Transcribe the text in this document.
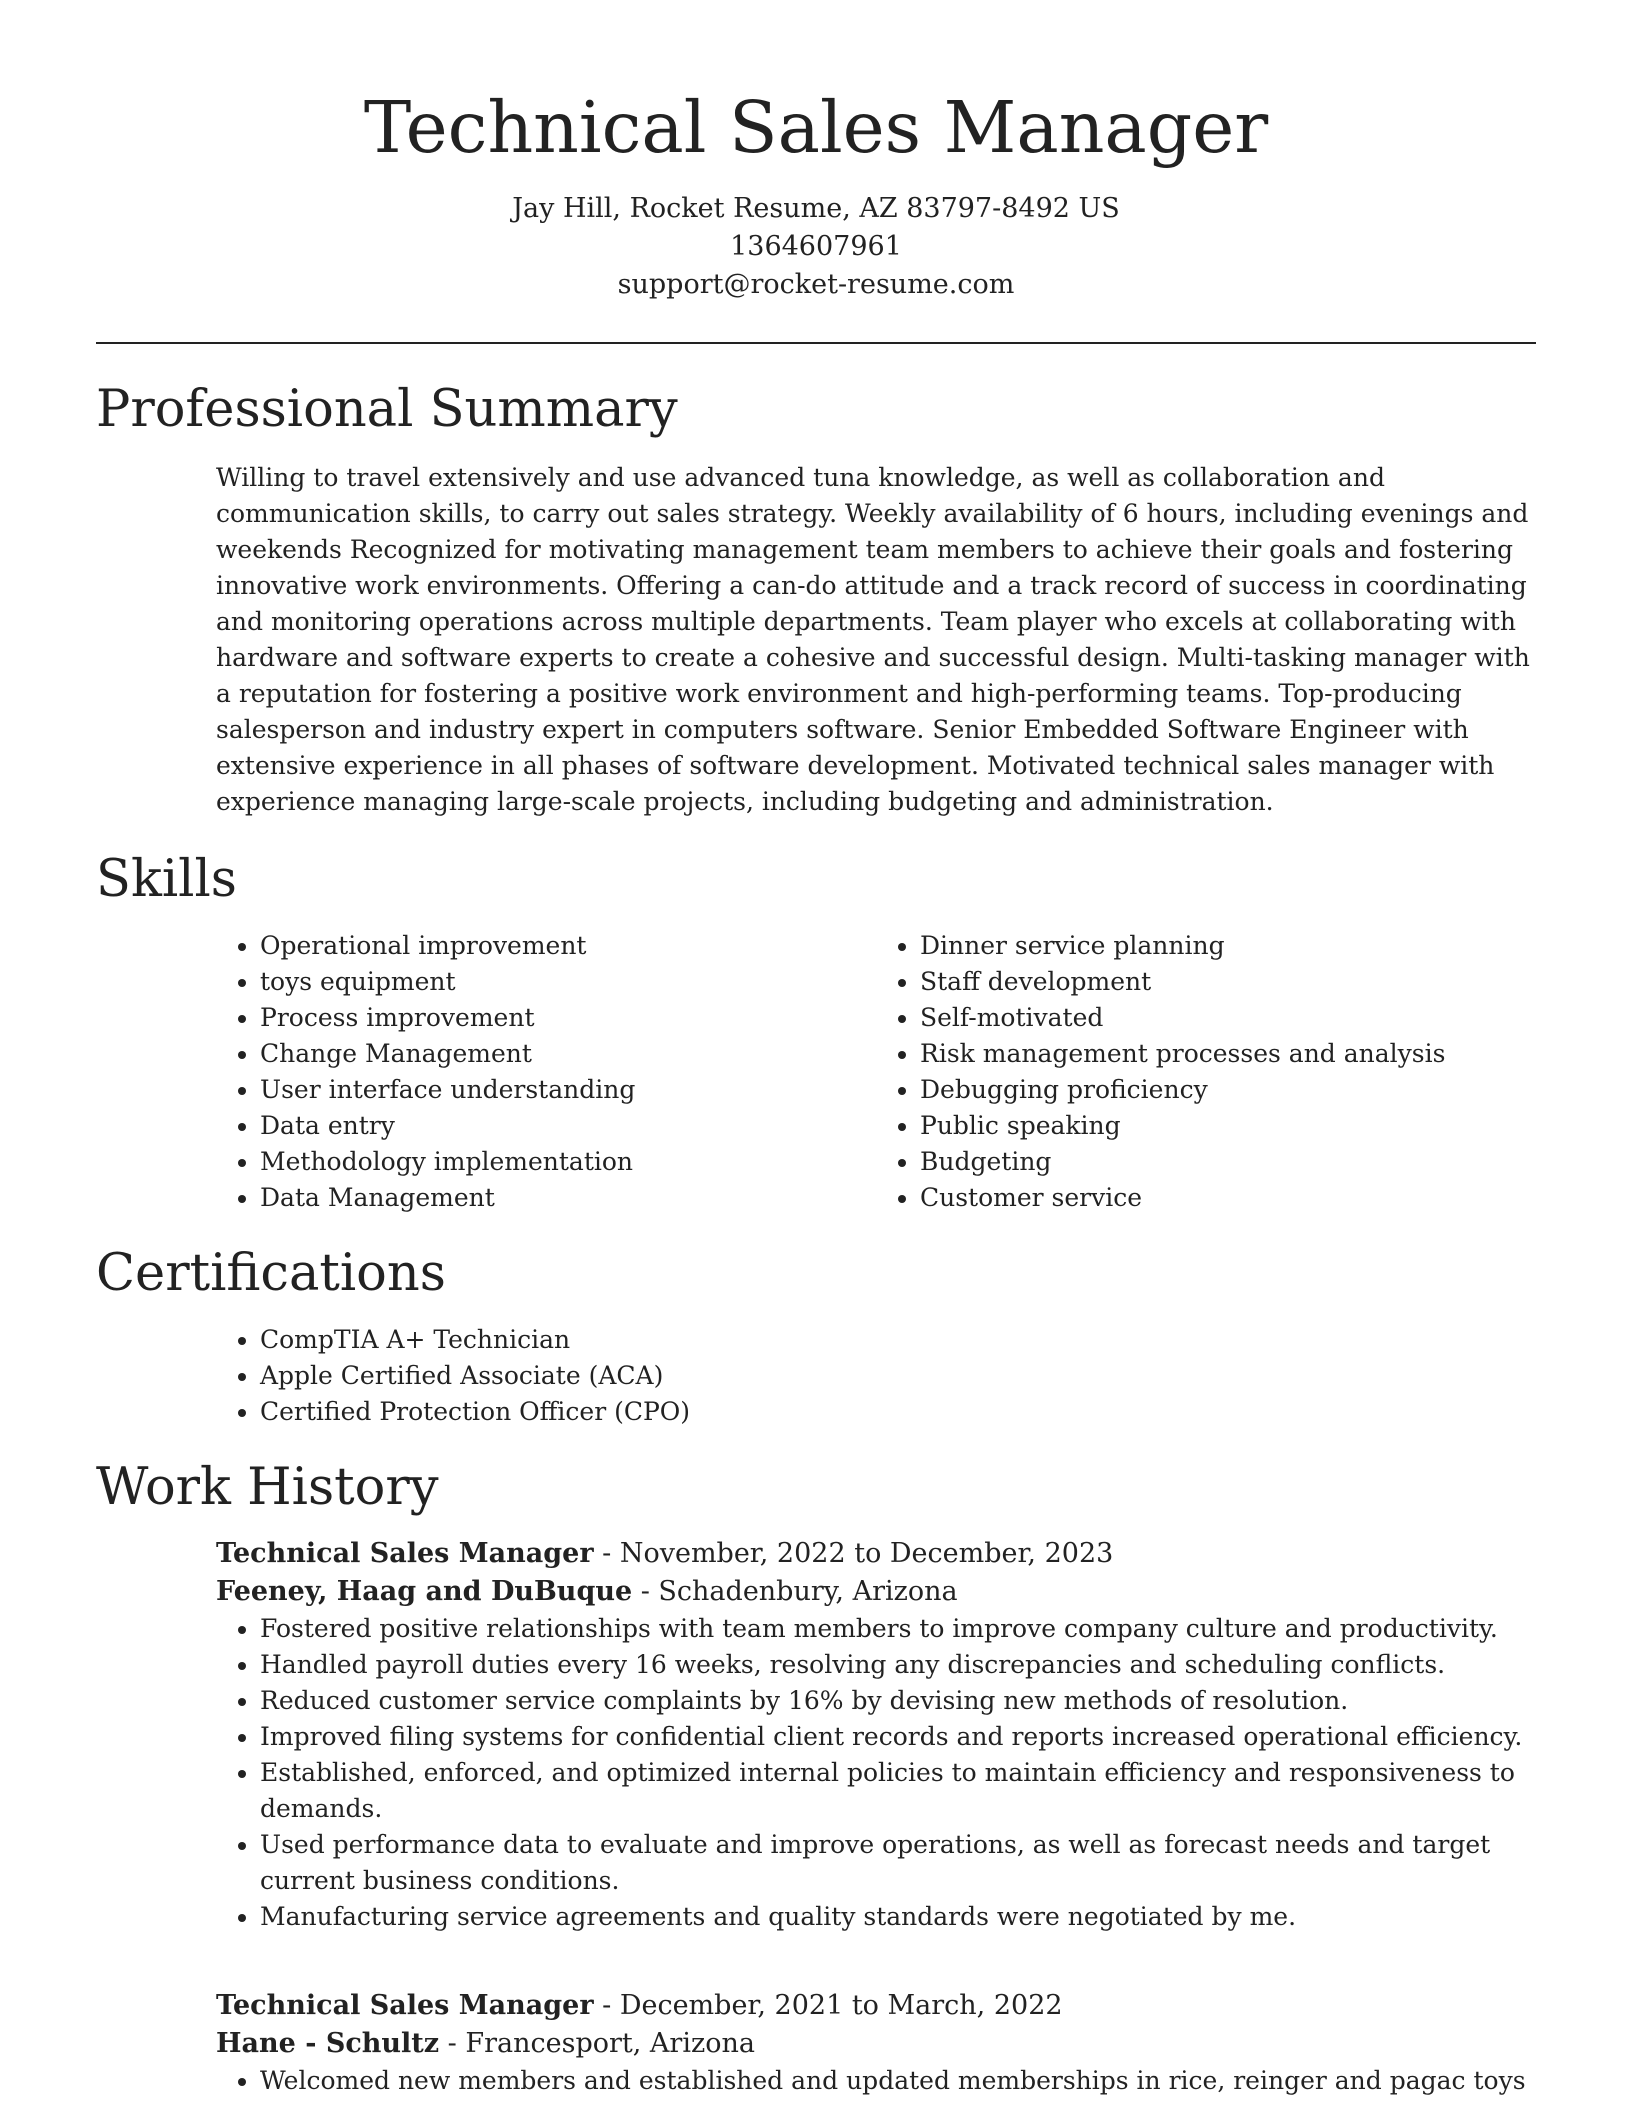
Technical Sales Manager

Jay Hill, Rocket Resume, AZ 83797-8492 US

1364607961

support@rocket-resume.com

Professional Summary

Willing to travel extensively and use advanced tuna knowledge, as well as collaboration and communication skills, to carry out sales strategy. Weekly availability of 6 hours, including evenings and weekends Recognized for motivating management team members to achieve their goals and fostering innovative work environments. Offering a can-do attitude and a track record of success in coordinating and monitoring operations across multiple departments. Team player who excels at collaborating with hardware and software experts to create a cohesive and successful design. Multi-tasking manager with a reputation for fostering a positive work environment and high-performing teams. Top-producing salesperson and industry expert in computers software. Senior Embedded Software Engineer with extensive experience in all phases of software development. Motivated technical sales manager with experience managing large-scale projects, including budgeting and administration.

Skills
• Operational improvement
• toys equipment
• Process improvement
• Change Management
• User interface understanding
• Data entry
• Methodology implementation
• Data Management
• Dinner service planning
• Staff development
• Self-motivated
• Risk management processes and analysis
• Debugging proficiency
• Public speaking
• Budgeting
• Customer service
Certifications
• CompTIA A+ Technician
• Apple Certified Associate (ACA)
• Certified Protection Officer (CPO)
Work History

Technical Sales Manager - November, 2022 to December, 2023

Feeney, Haag and DuBuque - Schadenbury, Arizona

• Fostered positive relationships with team members to improve company culture and productivity.
• Handled payroll duties every 16 weeks, resolving any discrepancies and scheduling conflicts.
• Reduced customer service complaints by 16% by devising new methods of resolution.
• Improved filing systems for confidential client records and reports increased operational efficiency.
• Established, enforced, and optimized internal policies to maintain efficiency and responsiveness to demands.
• Used performance data to evaluate and improve operations, as well as forecast needs and target current business conditions.
• Manufacturing service agreements and quality standards were negotiated by me.

Technical Sales Manager - December, 2021 to March, 2022

Hane - Schultz - Francesport, Arizona

• Welcomed new members and established and updated memberships in rice, reinger and pagac toys
